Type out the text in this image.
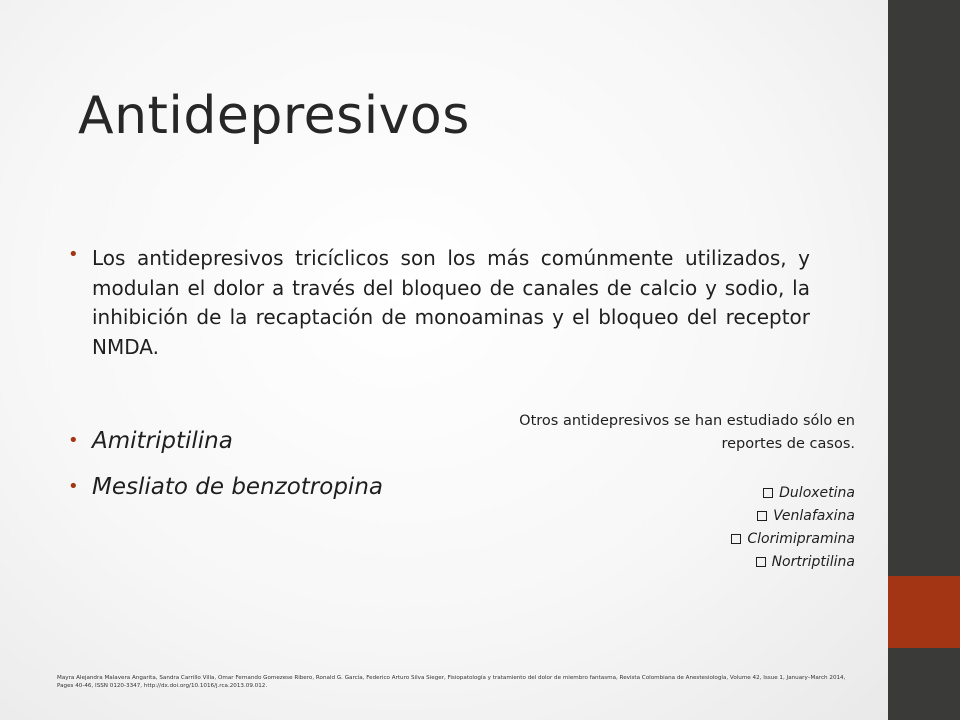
Antidepresivos
• Los antidepresivos tricíclicos son los más comúnmente utilizados, y modulan el dolor a través del bloqueo de canales de calcio y sodio, la inhibición de la recaptación de monoaminas y el bloqueo del receptor NMDA.
• Amitriptilina
• Mesliato de benzotropina
Otros antidepresivos se han estudiado sólo en reportes de casos.
Duloxetina
Venlafaxina
Clorimipramina
Nortriptilina
Mayra Alejandra Malavera Angarita, Sandra Carrillo Villa, Omar Fernando Gomezese Ribero, Ronald G. García, Federico Arturo Silva Sieger, Fisiopatología y tratamiento del dolor de miembro fantasma, Revista Colombiana de Anestesiología, Volume 42, Issue 1, January–March 2014, Pages 40-46, ISSN 0120-3347, http://dx.doi.org/10.1016/j.rca.2013.09.012.
